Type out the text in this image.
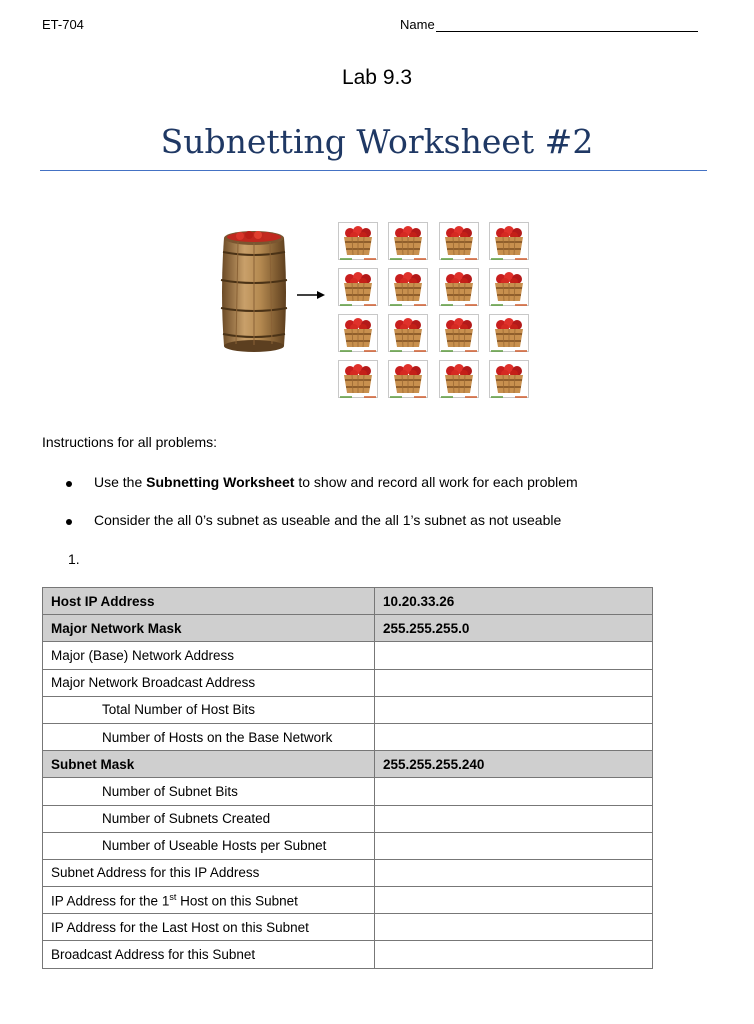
ET-704	Name
Lab 9.3
Subnetting Worksheet #2
Instructions for all problems:
Use the Subnetting Worksheet to show and record all work for each problem
Consider the all 0’s subnet as useable and the all 1’s subnet as not useable
1.
Host IP Address	10.20.33.26
Major Network Mask	255.255.255.0
Major (Base) Network Address	
Major Network Broadcast Address	
Total Number of Host Bits	
Number of Hosts on the Base Network	
Subnet Mask	255.255.255.240
Number of Subnet Bits	
Number of Subnets Created	
Number of Useable Hosts per Subnet	
Subnet Address for this IP Address	
IP Address for the 1st Host on this Subnet	
IP Address for the Last Host on this Subnet	
Broadcast Address for this Subnet	
